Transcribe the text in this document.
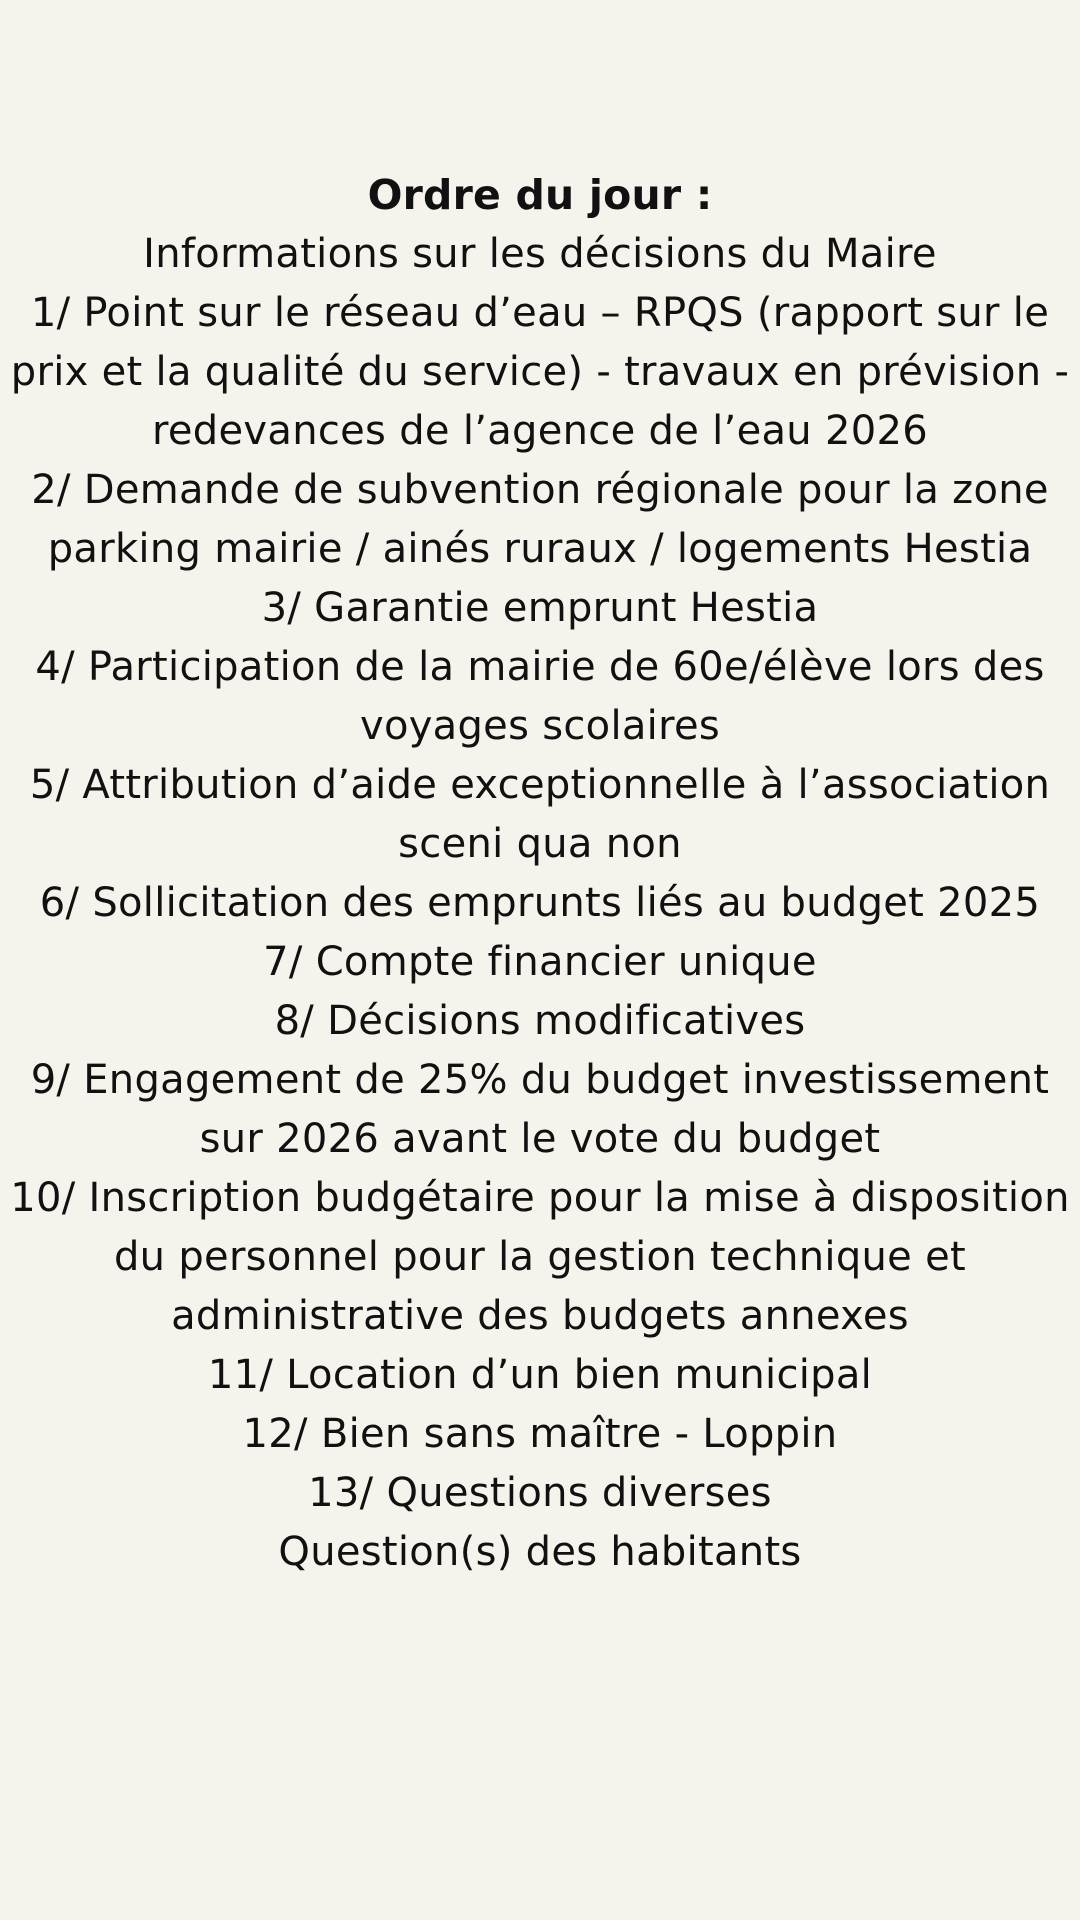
Ordre du jour :
Informations sur les décisions du Maire
1/ Point sur le réseau d’eau – RPQS (rapport sur le prix et la qualité du service) - travaux en prévision - redevances de l’agence de l’eau 2026
2/ Demande de subvention régionale pour la zone parking mairie / ainés ruraux / logements Hestia
3/ Garantie emprunt Hestia
4/ Participation de la mairie de 60e/élève lors des voyages scolaires
5/ Attribution d’aide exceptionnelle à l’association sceni qua non
6/ Sollicitation des emprunts liés au budget 2025
7/ Compte financier unique
8/ Décisions modificatives
9/ Engagement de 25% du budget investissement sur 2026 avant le vote du budget
10/ Inscription budgétaire pour la mise à disposition du personnel pour la gestion technique et administrative des budgets annexes
11/ Location d’un bien municipal
12/ Bien sans maître - Loppin
13/ Questions diverses
Question(s) des habitants
